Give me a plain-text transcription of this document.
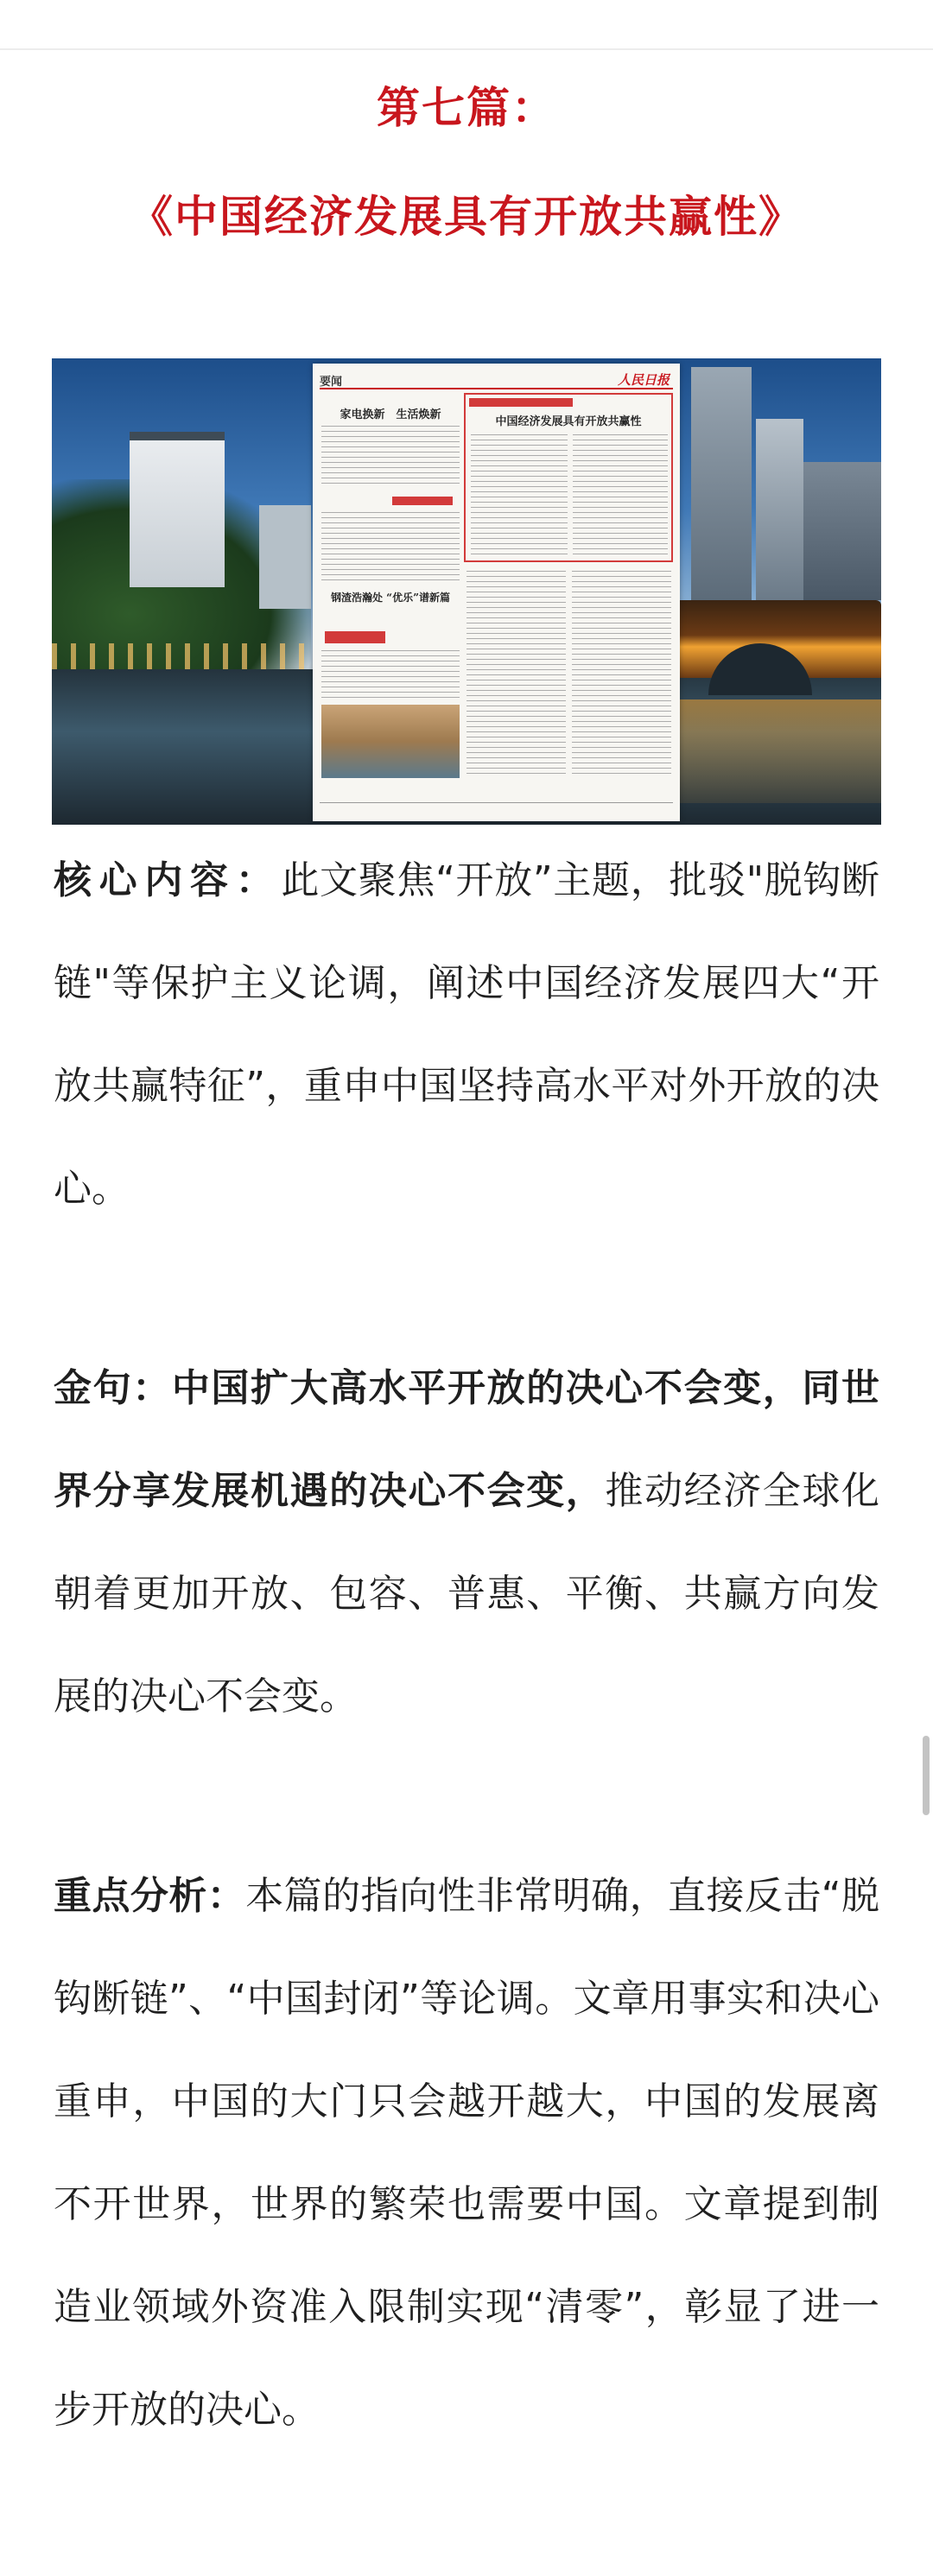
第七篇：
《中国经济发展具有开放共赢性》
要闻	人民日报
家电换新　生活焕新
钢渣浩瀚处 “优乐”谱新篇
中国经济发展具有开放共赢性
核心内容：此文聚焦“开放”主题，批驳"脱钩断链"等保护主义论调，阐述中国经济发展四大“开放共赢特征”，重申中国坚持高水平对外开放的决心。
金句：中国扩大高水平开放的决心不会变，同世界分享发展机遇的决心不会变，推动经济全球化朝着更加开放、包容、普惠、平衡、共赢方向发展的决心不会变。
重点分析：本篇的指向性非常明确，直接反击“脱钩断链”、“中国封闭”等论调。文章用事实和决心重申，中国的大门只会越开越大，中国的发展离不开世界，世界的繁荣也需要中国。文章提到制造业领域外资准入限制实现“清零”，彰显了进一步开放的决心。
